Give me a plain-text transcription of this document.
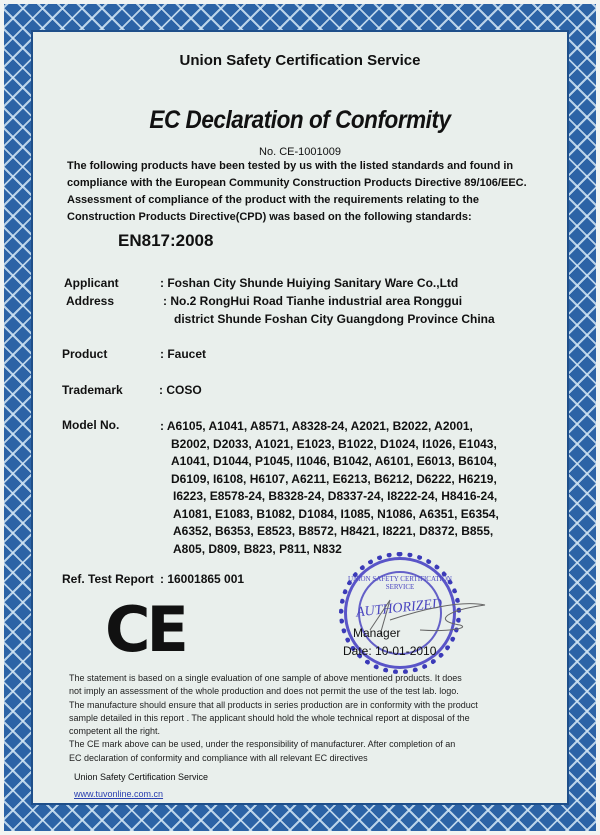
Union Safety Certification Service
EC Declaration of Conformity
No. CE-1001009
The following products have been tested by us with the listed standards and found in
compliance with the European Community Construction Products Directive 89/106/EEC.
Assessment of compliance of the product with the requirements relating to the
Construction Products Directive(CPD) was based on the following standards:
EN817:2008
Applicant	: Foshan City Shunde Huiying Sanitary Ware Co.,Ltd
Address	: No.2 RongHui Road Tianhe industrial area Ronggui
district Shunde Foshan City Guangdong Province China
Product	: Faucet
Trademark	: COSO
Model No.	: A6105, A1041, A8571, A8328-24, A2021, B2022, A2001,
B2002, D2033, A1021, E1023, B1022, D1024, I1026, E1043,
A1041, D1044, P1045, I1046, B1042, A6101, E6013, B6104,
D6109, I6108, H6107, A6211, E6213, B6212, D6222, H6219,
I6223, E8578-24, B8328-24, D8337-24, I8222-24, H8416-24,
A1081, E1083, B1082, D1084, I1085, N1086, A6351, E6354,
A6352, B6353, E8523, B8572, H8421, I8221, D8372, B855,
A805, D809, B823, P811, N832
Ref. Test Report : 16001865 001
CE
UNION SAFETY CERTIFICATION SERVICE
AUTHORIZED
Manager
Date: 10-01-2010
The statement is based on a single evaluation of one sample of above mentioned products. It does
not imply an assessment of the whole production and does not permit the use of the test lab. logo.
The manufacture should ensure that all products in series production are in conformity with the product
sample detailed in this report . The applicant should hold the whole technical report at disposal of the
competent all the right.
The CE mark above can be used, under the responsibility of manufacturer. After completion of an
EC declaration of conformity and compliance with all relevant EC directives
Union Safety Certification Service
www.tuvonline.com.cn
